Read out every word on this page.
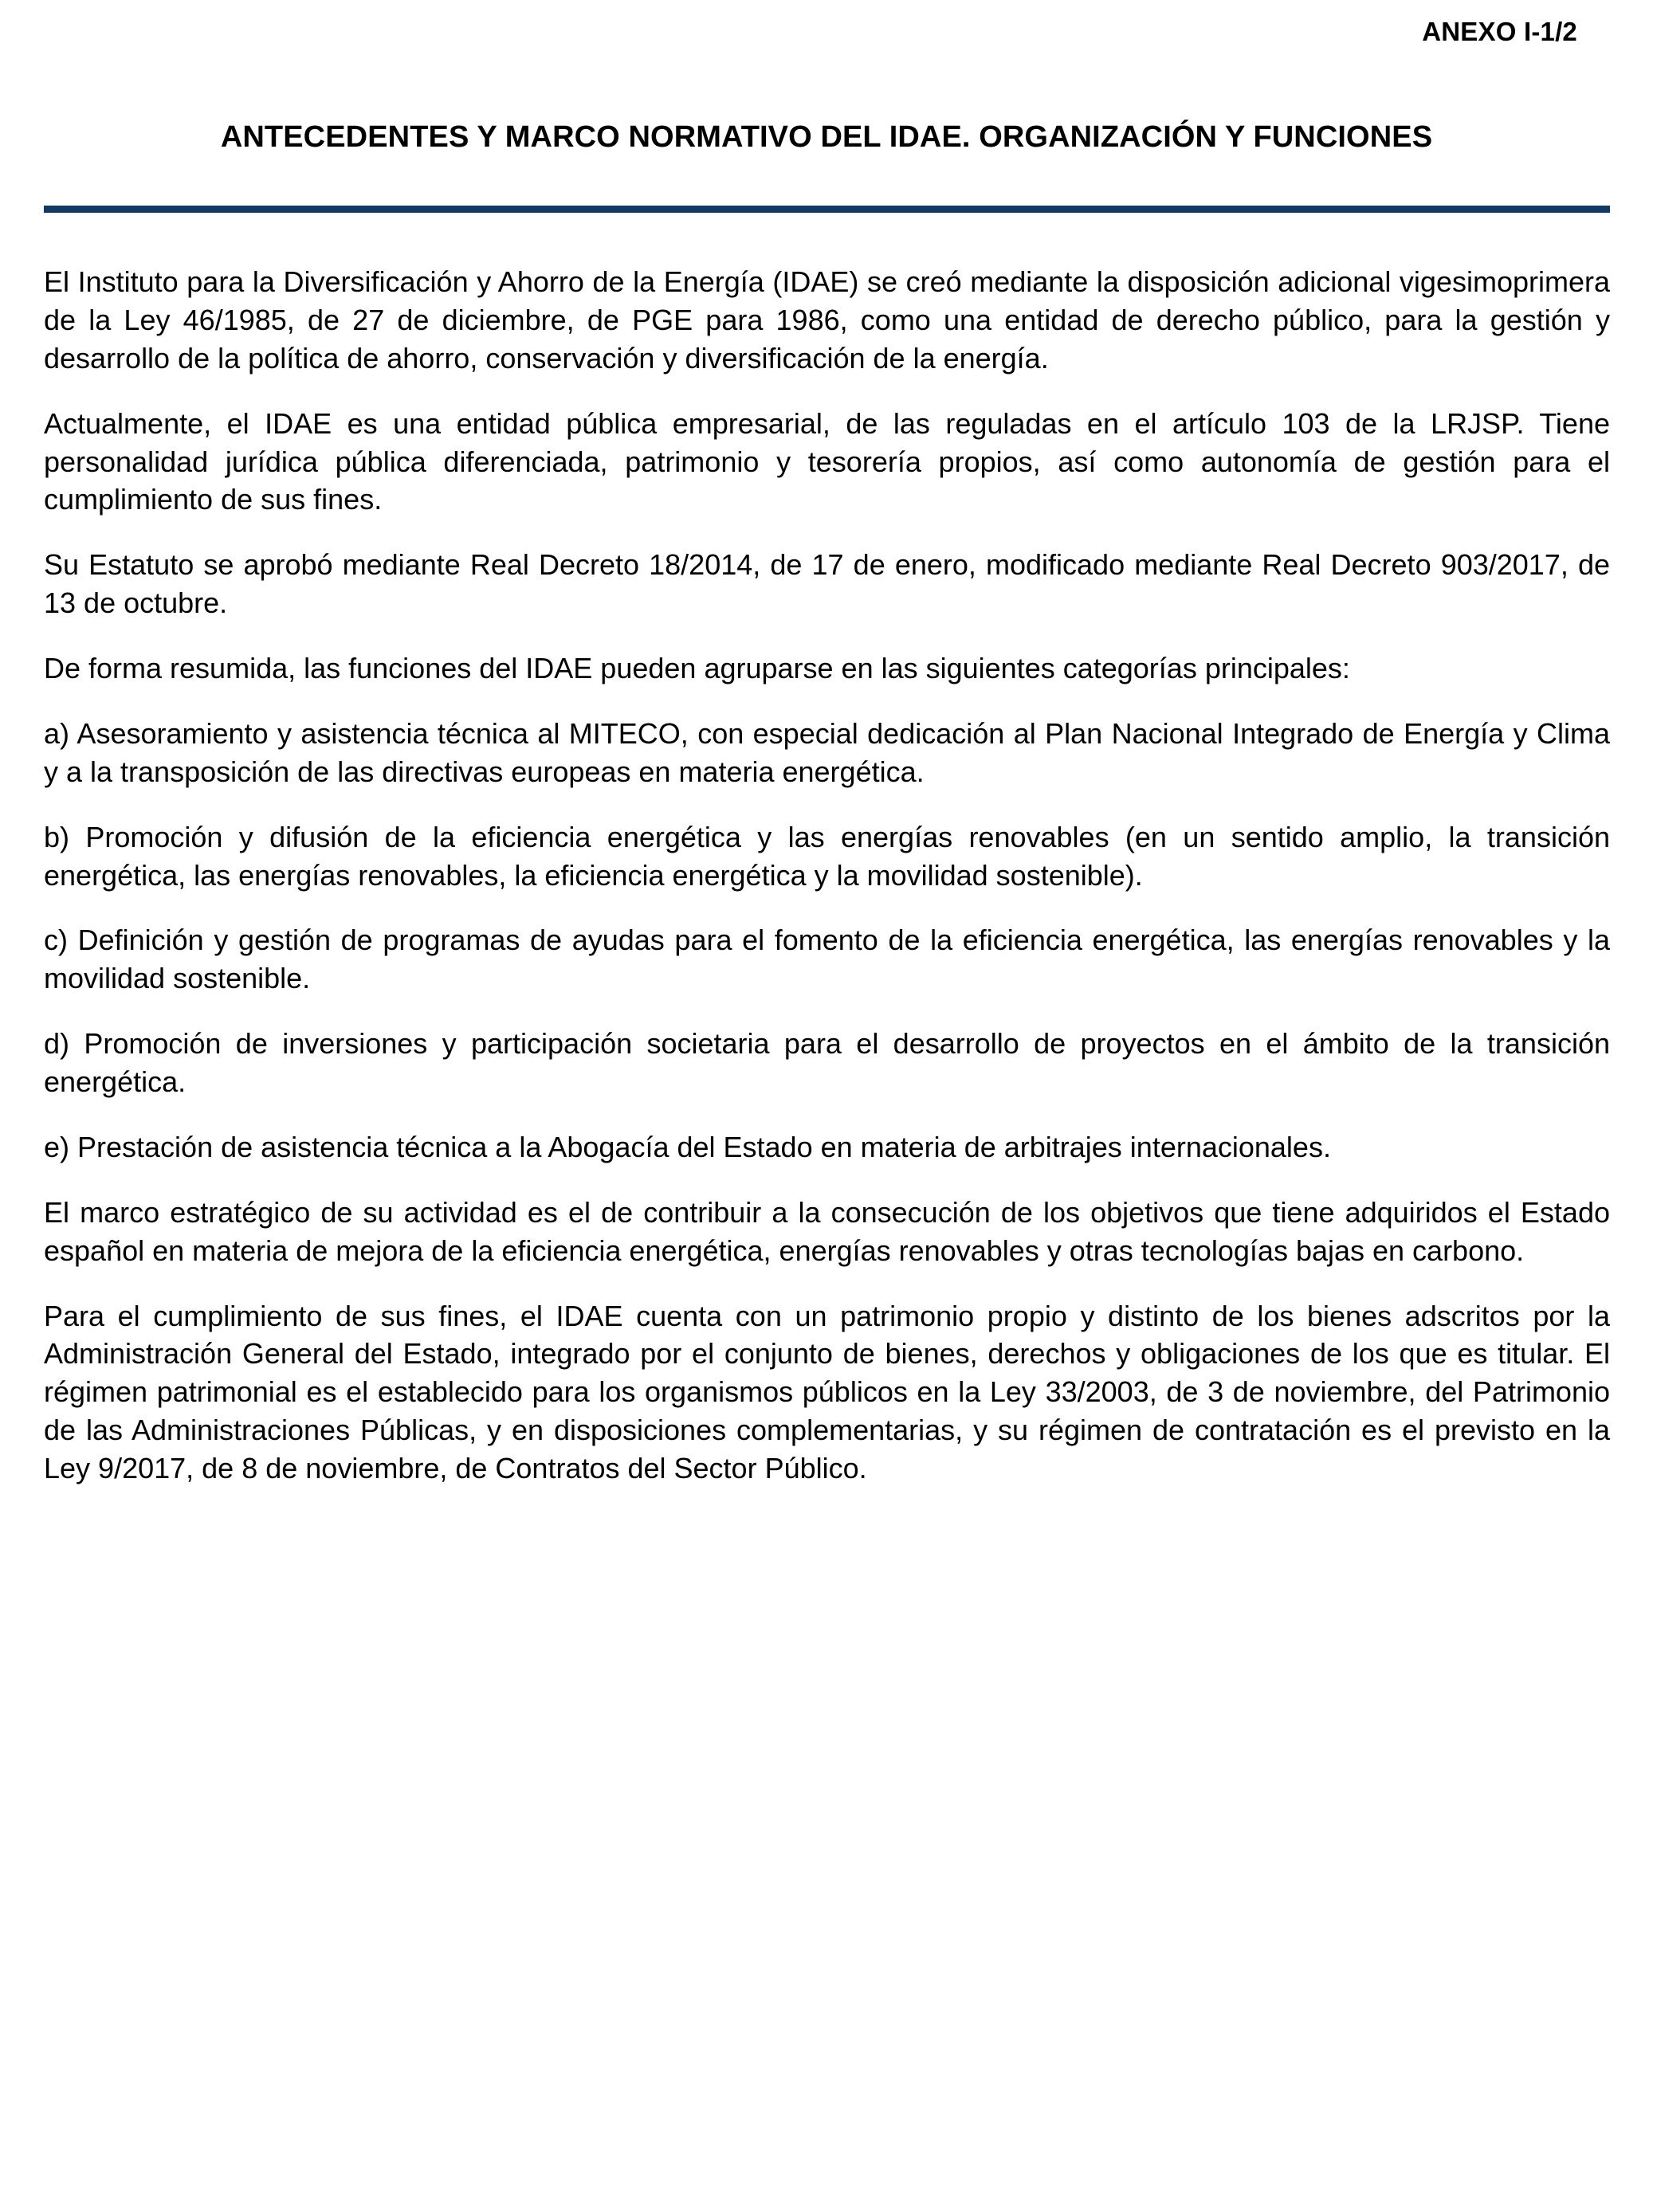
ANEXO I-1/2
ANTECEDENTES Y MARCO NORMATIVO DEL IDAE. ORGANIZACIÓN Y FUNCIONES

El Instituto para la Diversificación y Ahorro de la Energía (IDAE) se creó mediante la disposición adicional vigesimoprimera de la Ley 46/1985, de 27 de diciembre, de PGE para 1986, como una entidad de derecho público, para la gestión y desarrollo de la política de ahorro, conservación y diversificación de la energía.

Actualmente, el IDAE es una entidad pública empresarial, de las reguladas en el artículo 103 de la LRJSP. Tiene personalidad jurídica pública diferenciada, patrimonio y tesorería propios, así como autonomía de gestión para el cumplimiento de sus fines.

Su Estatuto se aprobó mediante Real Decreto 18/2014, de 17 de enero, modificado mediante Real Decreto 903/2017, de 13 de octubre.

De forma resumida, las funciones del IDAE pueden agruparse en las siguientes categorías principales:

a) Asesoramiento y asistencia técnica al MITECO, con especial dedicación al Plan Nacional Integrado de Energía y Clima y a la transposición de las directivas europeas en materia energética.

b) Promoción y difusión de la eficiencia energética y las energías renovables (en un sentido amplio, la transición energética, las energías renovables, la eficiencia energética y la movilidad sostenible).

c) Definición y gestión de programas de ayudas para el fomento de la eficiencia energética, las energías renovables y la movilidad sostenible.

d) Promoción de inversiones y participación societaria para el desarrollo de proyectos en el ámbito de la transición energética.

e) Prestación de asistencia técnica a la Abogacía del Estado en materia de arbitrajes internacionales.

El marco estratégico de su actividad es el de contribuir a la consecución de los objetivos que tiene adquiridos el Estado español en materia de mejora de la eficiencia energética, energías renovables y otras tecnologías bajas en carbono.

Para el cumplimiento de sus fines, el IDAE cuenta con un patrimonio propio y distinto de los bienes adscritos por la Administración General del Estado, integrado por el conjunto de bienes, derechos y obligaciones de los que es titular. El régimen patrimonial es el establecido para los organismos públicos en la Ley 33/2003, de 3 de noviembre, del Patrimonio de las Administraciones Públicas, y en disposiciones complementarias, y su régimen de contratación es el previsto en la Ley 9/2017, de 8 de noviembre, de Contratos del Sector Público.
